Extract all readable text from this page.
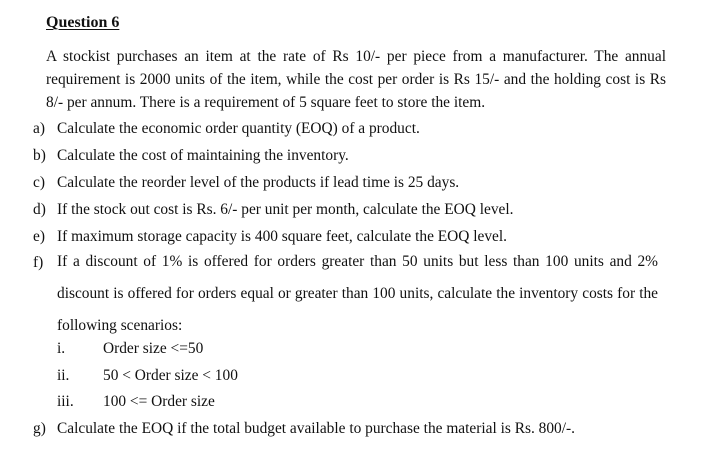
Question 6

A stockist purchases an item at the rate of Rs 10/- per piece from a manufacturer. The annual requirement is 2000 units of the item, while the cost per order is Rs 15/- and the holding cost is Rs 8/- per annum. There is a requirement of 5 square feet to store the item.

a) Calculate the economic order quantity (EOQ) of a product.
b) Calculate the cost of maintaining the inventory.
c) Calculate the reorder level of the products if lead time is 25 days.
d) If the stock out cost is Rs. 6/- per unit per month, calculate the EOQ level.
e) If maximum storage capacity is 400 square feet, calculate the EOQ level.
f) If a discount of 1% is offered for orders greater than 50 units but less than 100 units and 2% discount is offered for orders equal or greater than 100 units, calculate the inventory costs for the following scenarios:
i. Order size <=50
ii. 50 < Order size < 100
iii. 100 <= Order size
g) Calculate the EOQ if the total budget available to purchase the material is Rs. 800/-.
